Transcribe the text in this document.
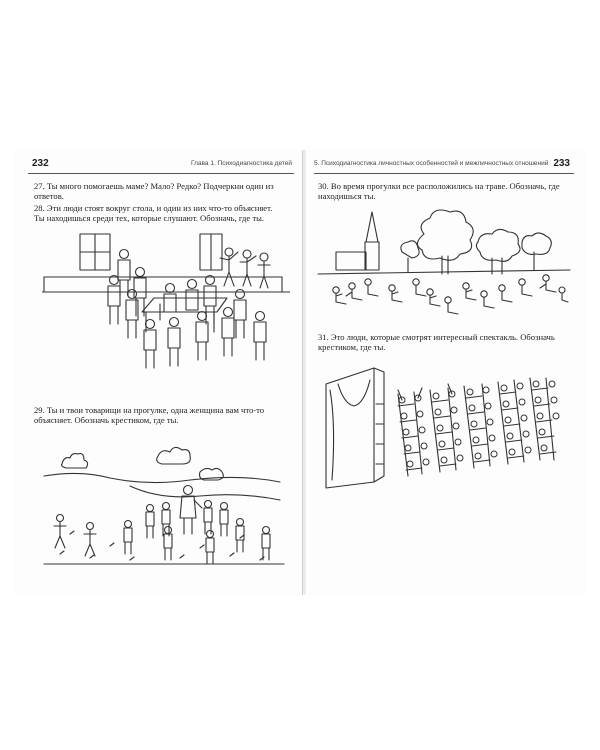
232	Глава 1. Психодиагностика детей
27. Ты много помогаешь маме? Мало? Редко? Подчеркни один из
ответов.
28. Эти люди стоят вокруг стола, и один из них что-то объясняет.
Ты находишься среди тех, которые слушают. Обозначь, где ты.
29. Ты и твои товарищи на прогулке, одна женщина вам что-то
объясняет. Обозначь крестиком, где ты.
5. Психодиагностика личностных особенностей и межличностных отношений 233
30. Во время прогулки все расположились на траве. Обозначь, где
находишься ты.
31. Это люди, которые смотрят интересный спектакль. Обозначь
крестиком, где ты.
